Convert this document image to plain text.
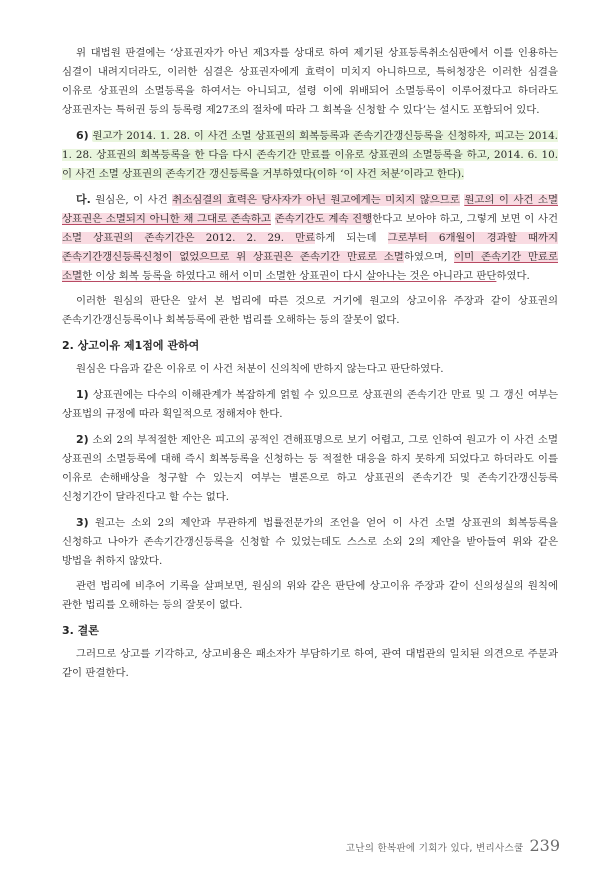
위 대법원 판결에는 ‘상표권자가 아닌 제3자를 상대로 하여 제기된 상표등록취소심판에서 이를 인용하는 심결이 내려지더라도, 이러한 심결은 상표권자에게 효력이 미치지 아니하므로, 특허청장은 이러한 심결을 이유로 상표권의 소멸등록을 하여서는 아니되고, 설령 이에 위배되어 소멸등록이 이루어졌다고 하더라도 상표권자는 특허권 등의 등록령 제27조의 절차에 따라 그 회복을 신청할 수 있다’는 설시도 포함되어 있다.

6) 원고가 2014. 1. 28. 이 사건 소멸 상표권의 회복등록과 존속기간갱신등록을 신청하자, 피고는 2014. 1. 28. 상표권의 회복등록을 한 다음 다시 존속기간 만료를 이유로 상표권의 소멸등록을 하고, 2014. 6. 10. 이 사건 소멸 상표권의 존속기간 갱신등록을 거부하였다(이하 ‘이 사건 처분’이라고 한다).

다. 원심은, 이 사건 취소심결의 효력은 당사자가 아닌 원고에게는 미치지 않으므로 원고의 이 사건 소멸 상표권은 소멸되지 아니한 채 그대로 존속하고 존속기간도 계속 진행한다고 보아야 하고, 그렇게 보면 이 사건 소멸 상표권의 존속기간은 2012. 2. 29. 만료하게 되는데 그로부터 6개월이 경과할 때까지 존속기간갱신등록신청이 없었으므로 위 상표권은 존속기간 만료로 소멸하였으며, 이미 존속기간 만료로 소멸한 이상 회복 등록을 하였다고 해서 이미 소멸한 상표권이 다시 살아나는 것은 아니라고 판단하였다.

이러한 원심의 판단은 앞서 본 법리에 따른 것으로 거기에 원고의 상고이유 주장과 같이 상표권의 존속기간갱신등록이나 회복등록에 관한 법리를 오해하는 등의 잘못이 없다.

2. 상고이유 제1점에 관하여

원심은 다음과 같은 이유로 이 사건 처분이 신의칙에 반하지 않는다고 판단하였다.

1) 상표권에는 다수의 이해관계가 복잡하게 얽힐 수 있으므로 상표권의 존속기간 만료 및 그 갱신 여부는 상표법의 규정에 따라 획일적으로 정해져야 한다.

2) 소외 2의 부적절한 제안은 피고의 공적인 견해표명으로 보기 어렵고, 그로 인하여 원고가 이 사건 소멸 상표권의 소멸등록에 대해 즉시 회복등록을 신청하는 등 적절한 대응을 하지 못하게 되었다고 하더라도 이를 이유로 손해배상을 청구할 수 있는지 여부는 별론으로 하고 상표권의 존속기간 및 존속기간갱신등록 신청기간이 달라진다고 할 수는 없다.

3) 원고는 소외 2의 제안과 무관하게 법률전문가의 조언을 얻어 이 사건 소멸 상표권의 회복등록을 신청하고 나아가 존속기간갱신등록을 신청할 수 있었는데도 스스로 소외 2의 제안을 받아들여 위와 같은 방법을 취하지 않았다.

관련 법리에 비추어 기록을 살펴보면, 원심의 위와 같은 판단에 상고이유 주장과 같이 신의성실의 원칙에 관한 법리를 오해하는 등의 잘못이 없다.

3. 결론

그러므로 상고를 기각하고, 상고비용은 패소자가 부담하기로 하여, 관여 대법관의 일치된 의견으로 주문과 같이 판결한다.

고난의 한복판에 기회가 있다, 변리사스쿨 239
